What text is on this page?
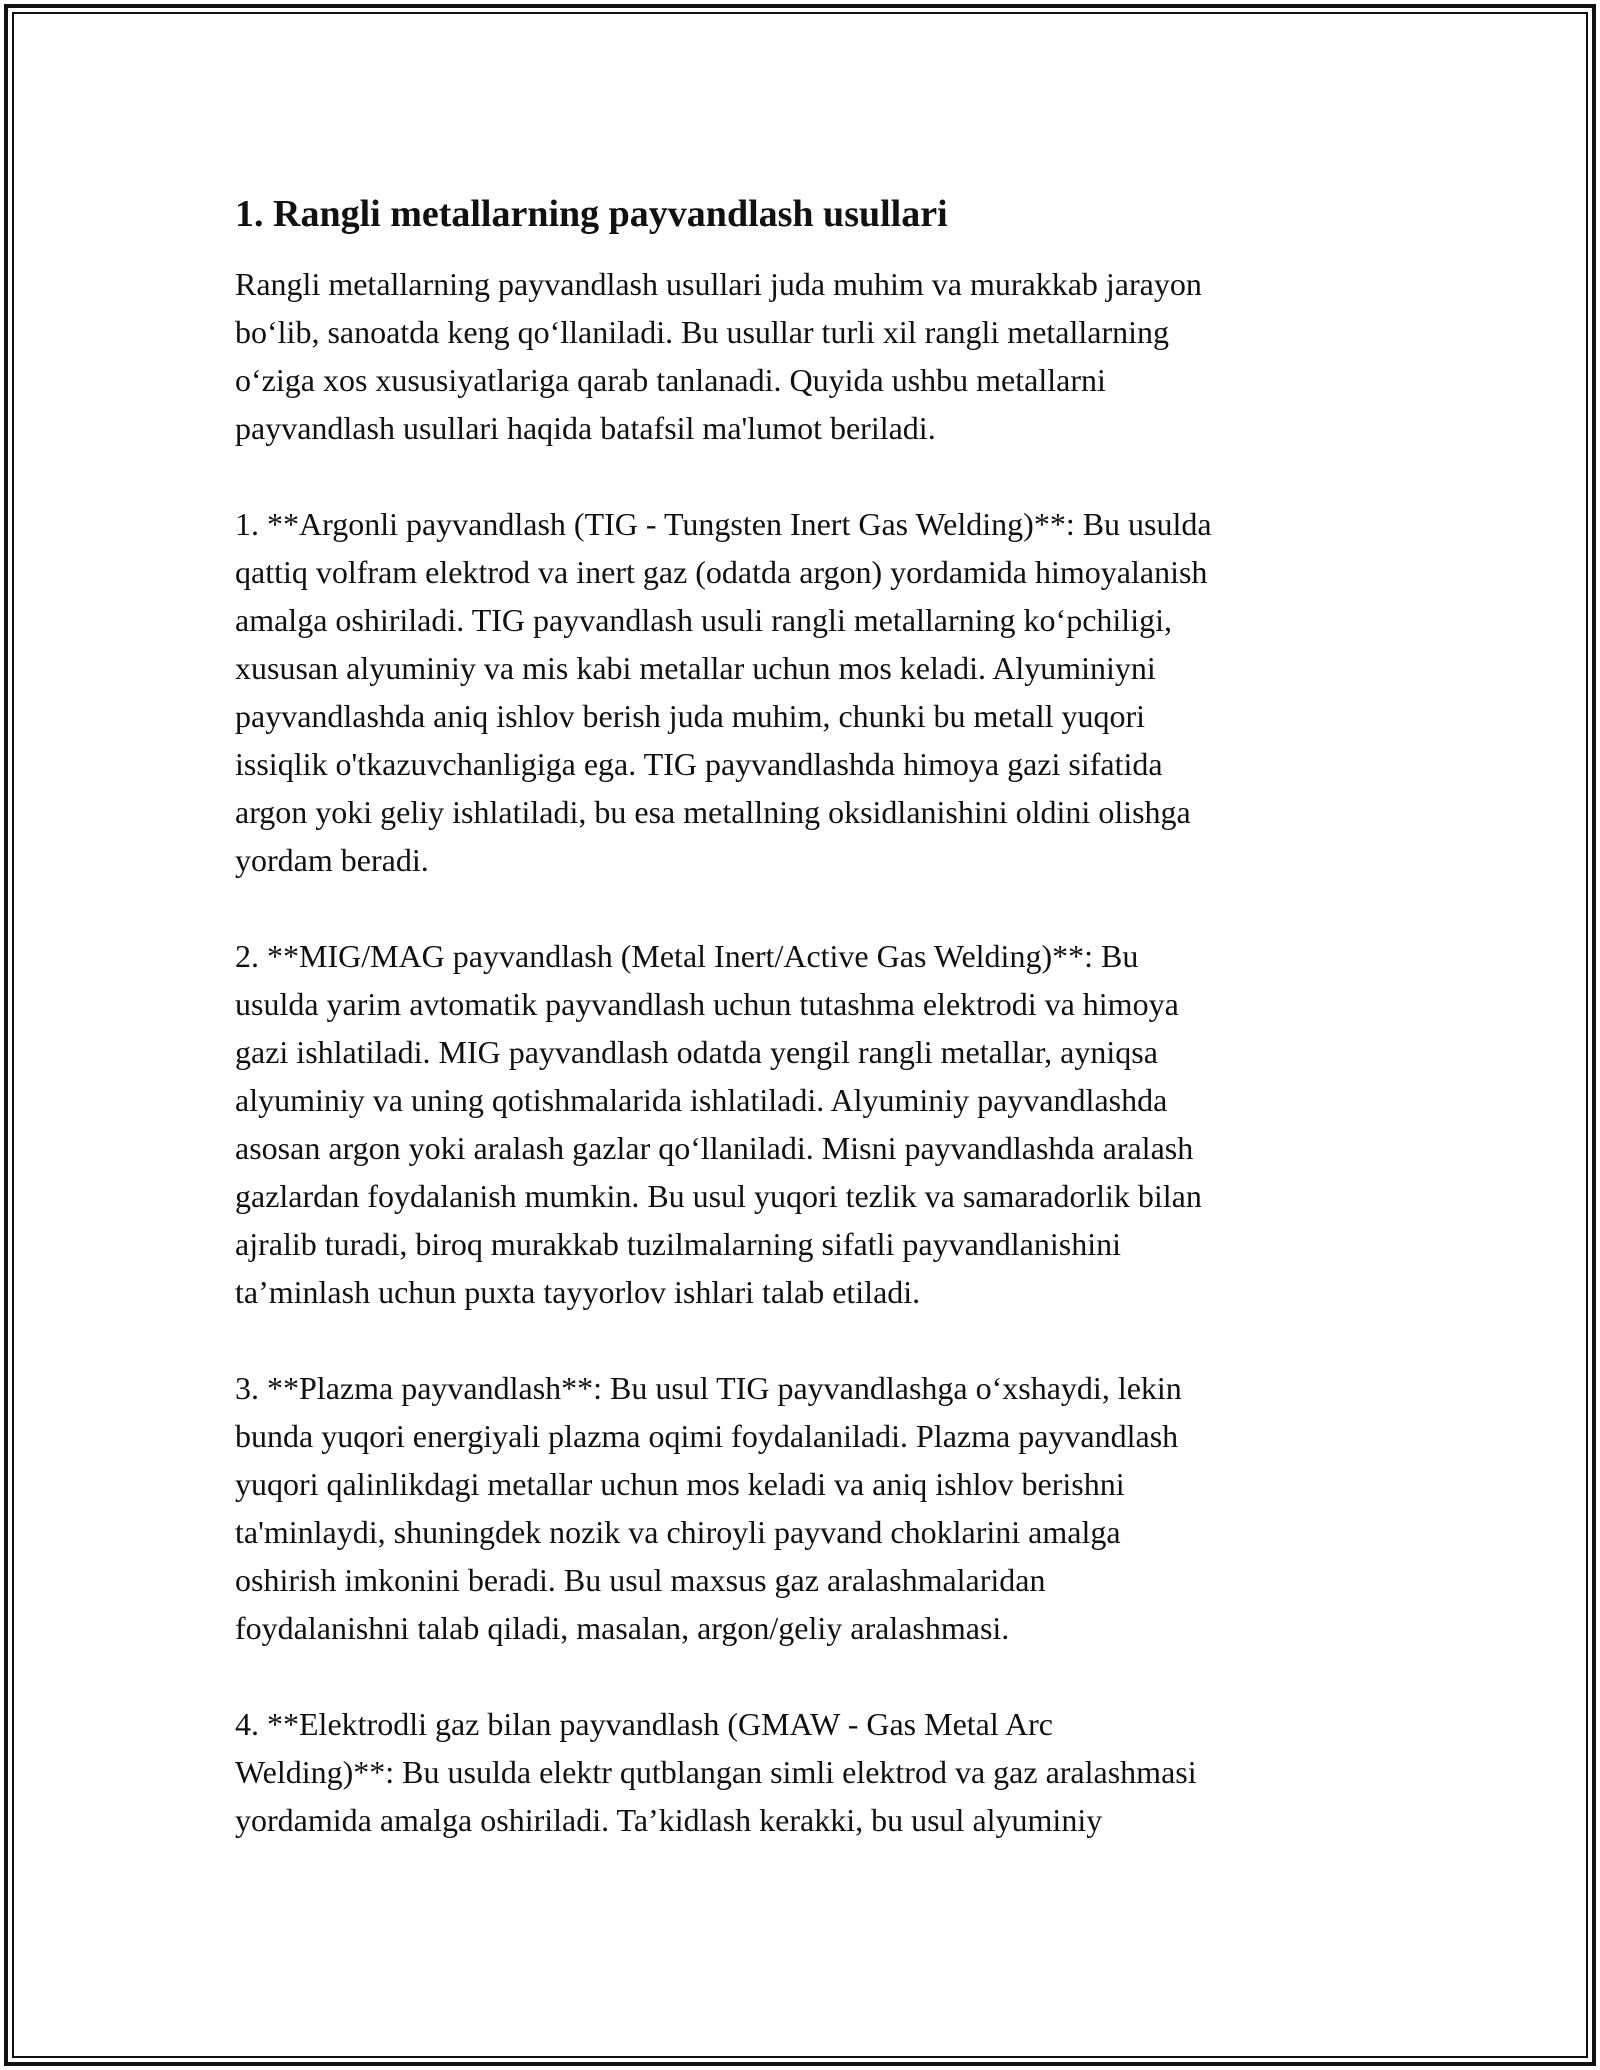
1. Rangli metallarning payvandlash usullari

Rangli metallarning payvandlash usullari juda muhim va murakkab jarayon
bo‘lib, sanoatda keng qo‘llaniladi. Bu usullar turli xil rangli metallarning
o‘ziga xos xususiyatlariga qarab tanlanadi. Quyida ushbu metallarni
payvandlash usullari haqida batafsil ma'lumot beriladi.

1. **Argonli payvandlash (TIG - Tungsten Inert Gas Welding)**: Bu usulda
qattiq volfram elektrod va inert gaz (odatda argon) yordamida himoyalanish
amalga oshiriladi. TIG payvandlash usuli rangli metallarning ko‘pchiligi,
xususan alyuminiy va mis kabi metallar uchun mos keladi. Alyuminiyni
payvandlashda aniq ishlov berish juda muhim, chunki bu metall yuqori
issiqlik o'tkazuvchanligiga ega. TIG payvandlashda himoya gazi sifatida
argon yoki geliy ishlatiladi, bu esa metallning oksidlanishini oldini olishga
yordam beradi.

2. **MIG/MAG payvandlash (Metal Inert/Active Gas Welding)**: Bu
usulda yarim avtomatik payvandlash uchun tutashma elektrodi va himoya
gazi ishlatiladi. MIG payvandlash odatda yengil rangli metallar, ayniqsa
alyuminiy va uning qotishmalarida ishlatiladi. Alyuminiy payvandlashda
asosan argon yoki aralash gazlar qo‘llaniladi. Misni payvandlashda aralash
gazlardan foydalanish mumkin. Bu usul yuqori tezlik va samaradorlik bilan
ajralib turadi, biroq murakkab tuzilmalarning sifatli payvandlanishini
ta’minlash uchun puxta tayyorlov ishlari talab etiladi.

3. **Plazma payvandlash**: Bu usul TIG payvandlashga o‘xshaydi, lekin
bunda yuqori energiyali plazma oqimi foydalaniladi. Plazma payvandlash
yuqori qalinlikdagi metallar uchun mos keladi va aniq ishlov berishni
ta'minlaydi, shuningdek nozik va chiroyli payvand choklarini amalga
oshirish imkonini beradi. Bu usul maxsus gaz aralashmalaridan
foydalanishni talab qiladi, masalan, argon/geliy aralashmasi.

4. **Elektrodli gaz bilan payvandlash (GMAW - Gas Metal Arc
Welding)**: Bu usulda elektr qutblangan simli elektrod va gaz aralashmasi
yordamida amalga oshiriladi. Ta’kidlash kerakki, bu usul alyuminiy
